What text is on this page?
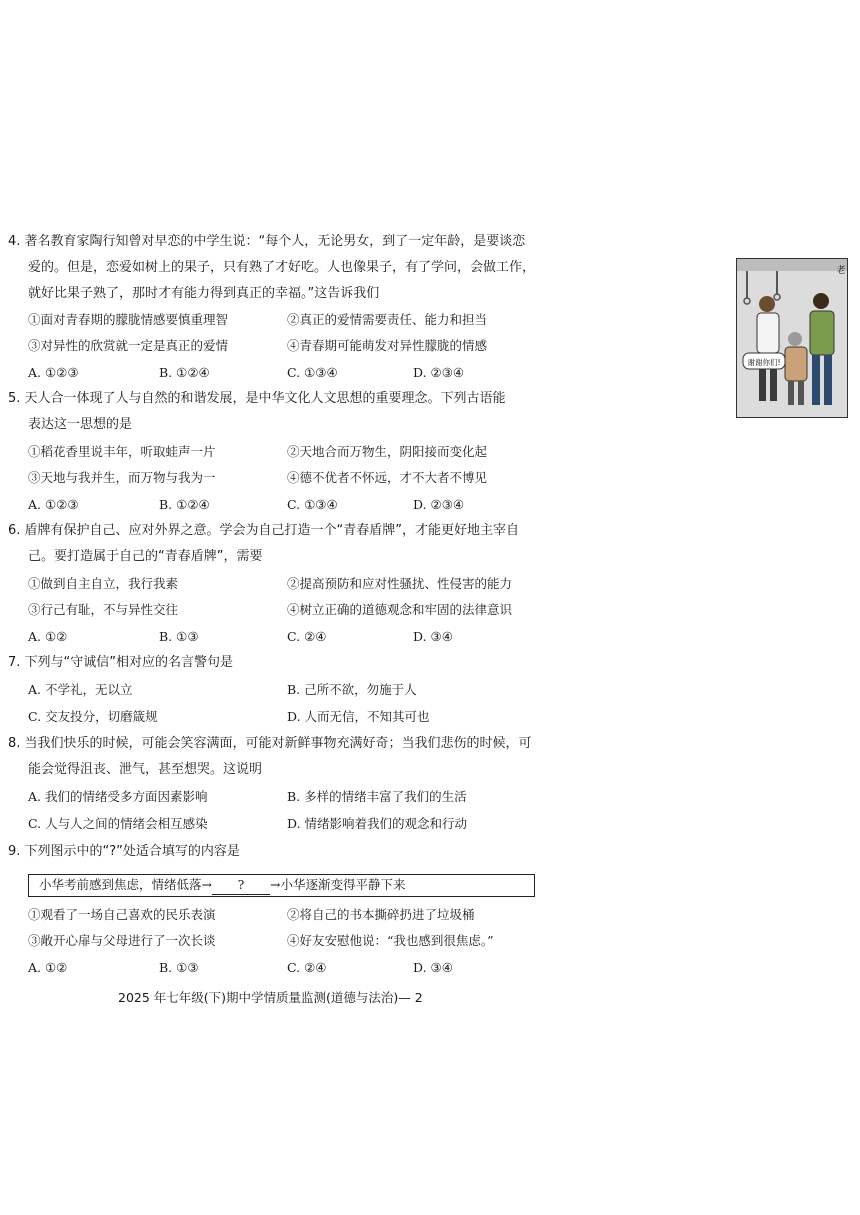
4. 著名教育家陶行知曾对早恋的中学生说：“每个人，无论男女，到了一定年龄，是要谈恋
爱的。但是，恋爱如树上的果子，只有熟了才好吃。人也像果子，有了学问，会做工作，
就好比果子熟了，那时才有能力得到真正的幸福。”这告诉我们
①面对青春期的朦胧情感要慎重理智	②真正的爱情需要责任、能力和担当
③对异性的欣赏就一定是真正的爱情	④青春期可能萌发对异性朦胧的情感
A. ①②③	B. ①②④	C. ①③④	D. ②③④
5. 天人合一体现了人与自然的和谐发展，是中华文化人文思想的重要理念。下列古语能
表达这一思想的是
①稻花香里说丰年，听取蛙声一片	②天地合而万物生，阴阳接而变化起
③天地与我并生，而万物与我为一	④德不优者不怀远，才不大者不博见
A. ①②③	B. ①②④	C. ①③④	D. ②③④
6. 盾牌有保护自己、应对外界之意。学会为自己打造一个“青春盾牌”，才能更好地主宰自
己。要打造属于自己的“青春盾牌”，需要
①做到自主自立，我行我素	②提高预防和应对性骚扰、性侵害的能力
③行己有耻，不与异性交往	④树立正确的道德观念和牢固的法律意识
A. ①②	B. ①③	C. ②④	D. ③④
7. 下列与“守诚信”相对应的名言警句是
A. 不学礼，无以立	B. 己所不欲，勿施于人
C. 交友投分，切磨箴规	D. 人而无信，不知其可也
8. 当我们快乐的时候，可能会笑容满面，可能对新鲜事物充满好奇；当我们悲伤的时候，可
能会觉得沮丧、泄气，甚至想哭。这说明
A. 我们的情绪受多方面因素影响	B. 多样的情绪丰富了我们的生活
C. 人与人之间的情绪会相互感染	D. 情绪影响着我们的观念和行动
9. 下列图示中的“?”处适合填写的内容是
小华考前感到焦虑，情绪低落→ ? →小华逐渐变得平静下来
①观看了一场自己喜欢的民乐表演	②将自己的书本撕碎扔进了垃圾桶
③敞开心扉与父母进行了一次长谈	④好友安慰他说：“我也感到很焦虑。”
A. ①②	B. ①③	C. ②④	D. ③④
2025 年七年级(下)期中学情质量监测(道德与法治)— 2
谢谢你们!
老
